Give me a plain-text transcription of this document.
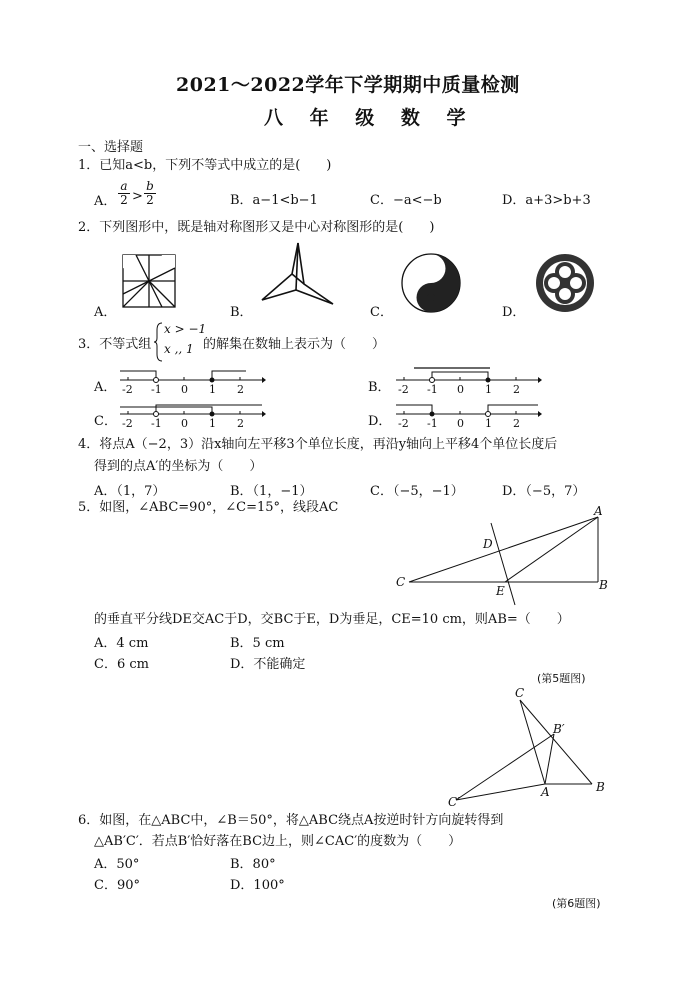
2021～2022学年下学期期中质量检测
八 年 级 数 学
一、选择题
1．已知a<b，下列不等式中成立的是(　　)
A．
a
2 >
b
2	B．a−1<b−1	C．−a<−b	D．a+3>b+3
2．下列图形中，既是轴对称图形又是中心对称图形的是(　　)
A．	B．	C．	D．
3．不等式组
x > −1
x ,, 1 的解集在数轴上表示为（　　）
A． -2 -1 0 1 2	B． -2 -1 0 1 2
C． -2 -1 0 1 2	D． -2 -1 0 1 2
4．将点A（−2，3）沿x轴向左平移3个单位长度，再沿y轴向上平移4个单位长度后
得到的点A′的坐标为（　　）
A．（1，7）	B．（1，−1）	C．（−5，−1）	D．（−5，7）
5．如图，∠ABC=90°，∠C=15°，线段AC	A
B
C
D
E
的垂直平分线DE交AC于D，交BC于E，D为垂足，CE=10 cm，则AB=（　　）
A．4 cm	B．5 cm
C．6 cm	D．不能确定
(第5题图)
C
B′
B
A
C′
6．如图，在△ABC中，∠B＝50°，将△ABC绕点A按逆时针方向旋转得到
△AB′C′．若点B′恰好落在BC边上，则∠CAC′的度数为（　　）
A．50°	B．80°
C．90°	D．100°
(第6题图)
